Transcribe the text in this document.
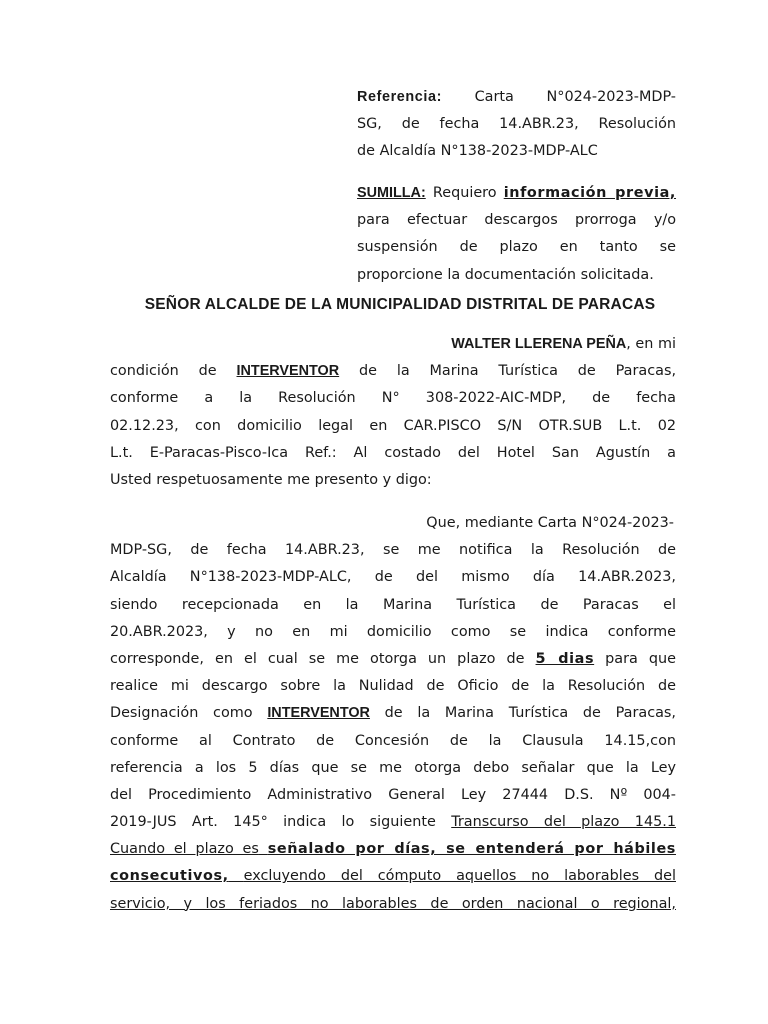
Referencia: Carta N°024-2023-MDP-
SG, de fecha 14.ABR.23, Resolución
de Alcaldía N°138-2023-MDP-ALC
SUMILLA: Requiero información previa,
para efectuar descargos prorroga y/o
suspensión de plazo en tanto se
proporcione la documentación solicitada.
SEÑOR ALCALDE DE LA MUNICIPALIDAD DISTRITAL DE PARACAS
WALTER LLERENA PEÑA, en mi
condición de INTERVENTOR de la Marina Turística de Paracas,
conforme a la Resolución N° 308-2022-AIC-MDP, de fecha
02.12.23, con domicilio legal en CAR.PISCO S/N OTR.SUB L.t. 02
L.t. E-Paracas-Pisco-Ica Ref.: Al costado del Hotel San Agustín a
Usted respetuosamente me presento y digo:
Que, mediante Carta N°024-2023-
MDP-SG, de fecha 14.ABR.23, se me notifica la Resolución de
Alcaldía N°138-2023-MDP-ALC, de del mismo día 14.ABR.2023,
siendo recepcionada en la Marina Turística de Paracas el
20.ABR.2023, y no en mi domicilio como se indica conforme
corresponde, en el cual se me otorga un plazo de 5 dias para que
realice mi descargo sobre la Nulidad de Oficio de la Resolución de
Designación como INTERVENTOR de la Marina Turística de Paracas,
conforme al Contrato de Concesión de la Clausula 14.15,con
referencia a los 5 días que se me otorga debo señalar que la Ley
del Procedimiento Administrativo General Ley 27444 D.S. Nº 004-
2019-JUS Art. 145° indica lo siguiente Transcurso del plazo 145.1
Cuando el plazo es señalado por días, se entenderá por hábiles
consecutivos, excluyendo del cómputo aquellos no laborables del
servicio, y los feriados no laborables de orden nacional o regional,
